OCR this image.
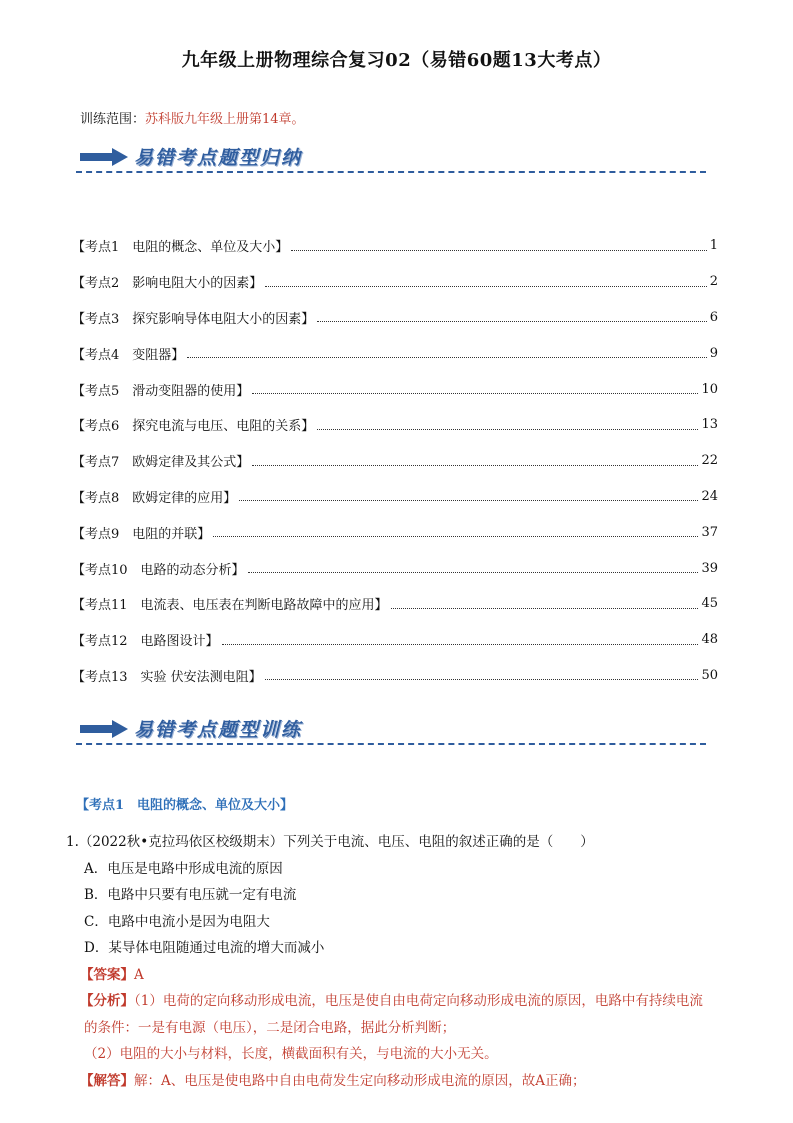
九年级上册物理综合复习02（易错60题13大考点）
训练范围：苏科版九年级上册第14章。
易错考点题型归纳
【考点1　电阻的概念、单位及大小】	1
【考点2　影响电阻大小的因素】	2
【考点3　探究影响导体电阻大小的因素】	6
【考点4　变阻器】	9
【考点5　滑动变阻器的使用】	10
【考点6　探究电流与电压、电阻的关系】	13
【考点7　欧姆定律及其公式】	22
【考点8　欧姆定律的应用】	24
【考点9　电阻的并联】	37
【考点10　电路的动态分析】	39
【考点11　电流表、电压表在判断电路故障中的应用】	45
【考点12　电路图设计】	48
【考点13　实验 伏安法测电阻】	50
易错考点题型训练
【考点1　电阻的概念、单位及大小】
1.（2022秋•克拉玛依区校级期末）下列关于电流、电压、电阻的叙述正确的是（　　）
A．电压是电路中形成电流的原因
B．电路中只要有电压就一定有电流
C．电路中电流小是因为电阻大
D．某导体电阻随通过电流的增大而减小
【答案】A
【分析】（1）电荷的定向移动形成电流，电压是使自由电荷定向移动形成电流的原因，电路中有持续电流
的条件：一是有电源（电压），二是闭合电路，据此分析判断；
（2）电阻的大小与材料，长度，横截面积有关，与电流的大小无关。
【解答】解：A、电压是使电路中自由电荷发生定向移动形成电流的原因，故A正确；
